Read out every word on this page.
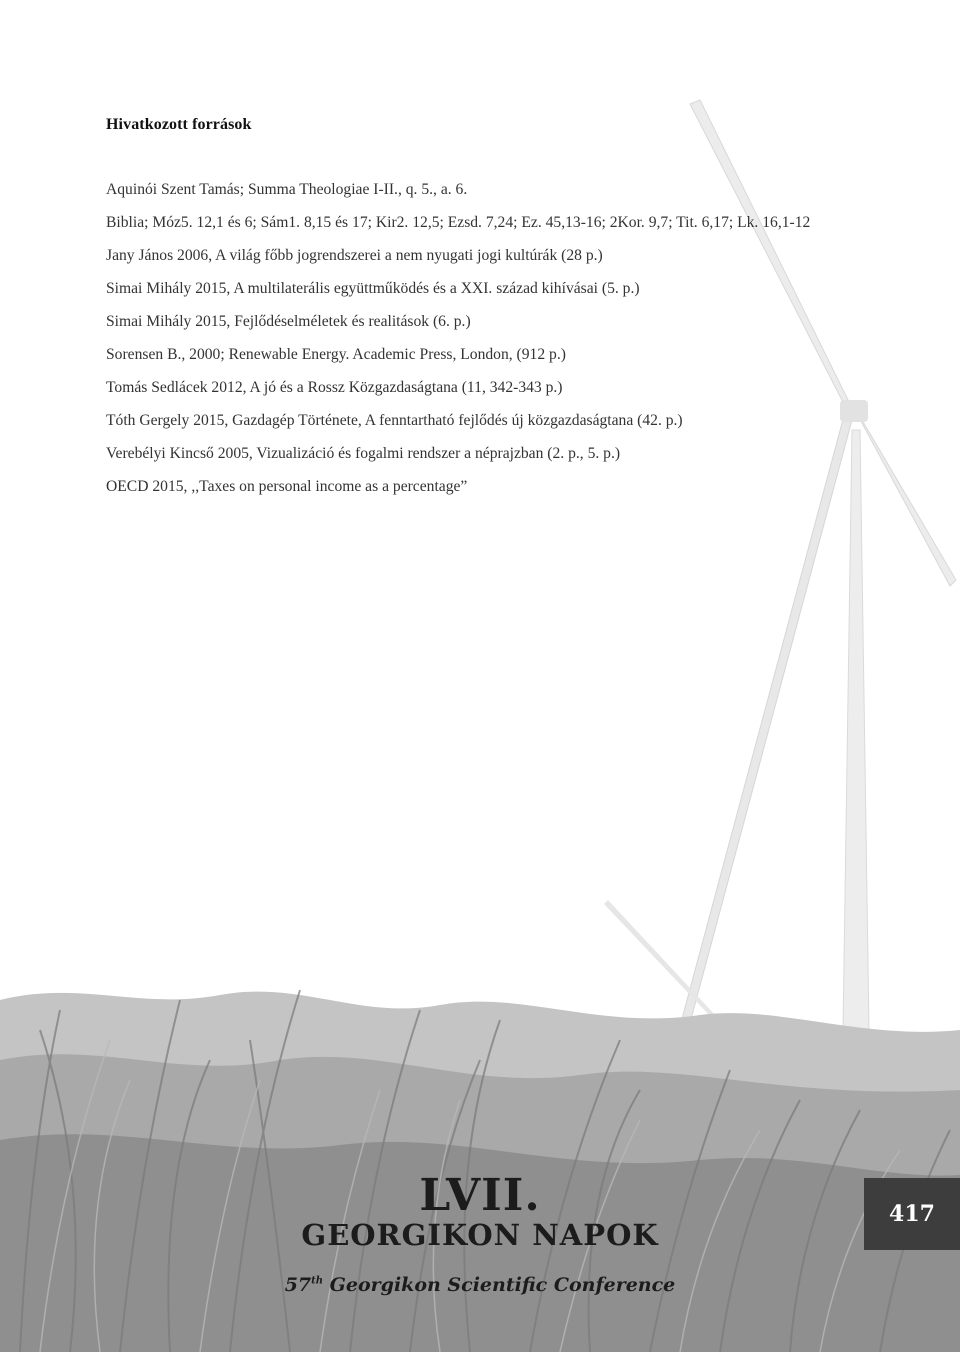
Hivatkozott források
Aquinói Szent Tamás; Summa Theologiae I-II., q. 5., a. 6.
Biblia; Móz5. 12,1 és 6; Sám1. 8,15 és 17; Kir2. 12,5; Ezsd. 7,24; Ez. 45,13-16; 2Kor. 9,7; Tit. 6,17; Lk. 16,1-12
Jany János 2006, A világ főbb jogrendszerei a nem nyugati jogi kultúrák (28 p.)
Simai Mihály 2015, A multilaterális együttműködés és a XXI. század kihívásai (5. p.)
Simai Mihály 2015, Fejlődéselméletek és realitások (6. p.)
Sorensen B., 2000; Renewable Energy. Academic Press, London, (912 p.)
Tomás Sedlácek 2012, A jó és a Rossz Közgazdaságtana (11, 342-343 p.)
Tóth Gergely 2015, Gazdagép Története, A fenntartható fejlődés új közgazdaságtana (42. p.)
Verebélyi Kincső 2005, Vizualizáció és fogalmi rendszer a néprajzban (2. p., 5. p.)
OECD 2015, ,,Taxes on personal income as a percentage”
LVII.
GEORGIKON NAPOK
57th Georgikon Scientific Conference
417
